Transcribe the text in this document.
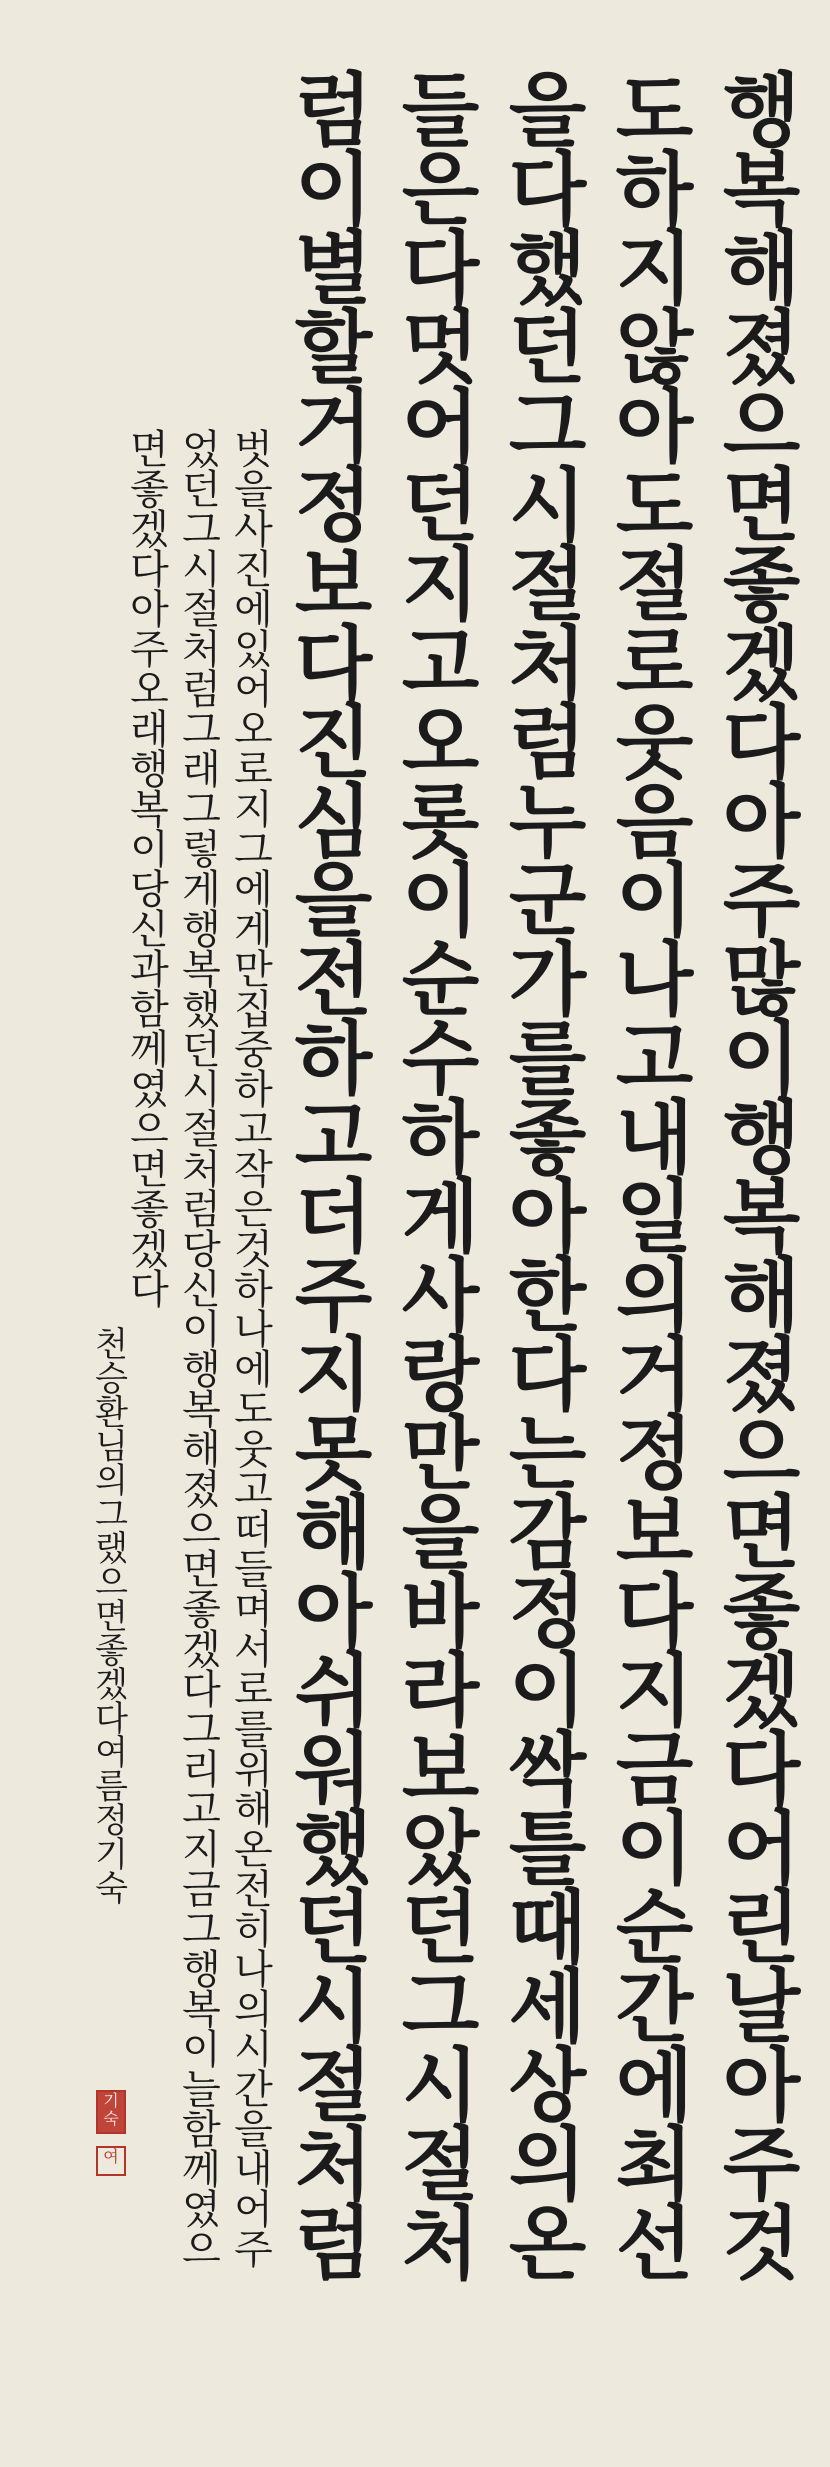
행복해졌으면좋겠다아주많이행복해졌으면좋겠다어린날아주것
도하지않아도절로웃음이나고내일의거정보다지금이순간에최선
을다했던그시절처럼누군가를좋아한다는감정이싹틀때세상의온
들은다멋어던지고오롯이순수하게사랑만을바라보았던그시절처
럼이별할거정보다진심을전하고더주지못해아쉬워했던시절처럼
벗을사진에있어오로지그에게만집중하고작은것하나에도웃고떠들며서로를위해온전히나의시간을내어주
었던그시절처럼그래그렇게행복했던시절처럼당신이행복해졌으면좋겠다그리고지금그행복이늘함께였으
면좋겠다아주오래행복이당신과함께였으면좋겠다
천승환님의그랬으면좋겠다여름정기숙
기숙
여
